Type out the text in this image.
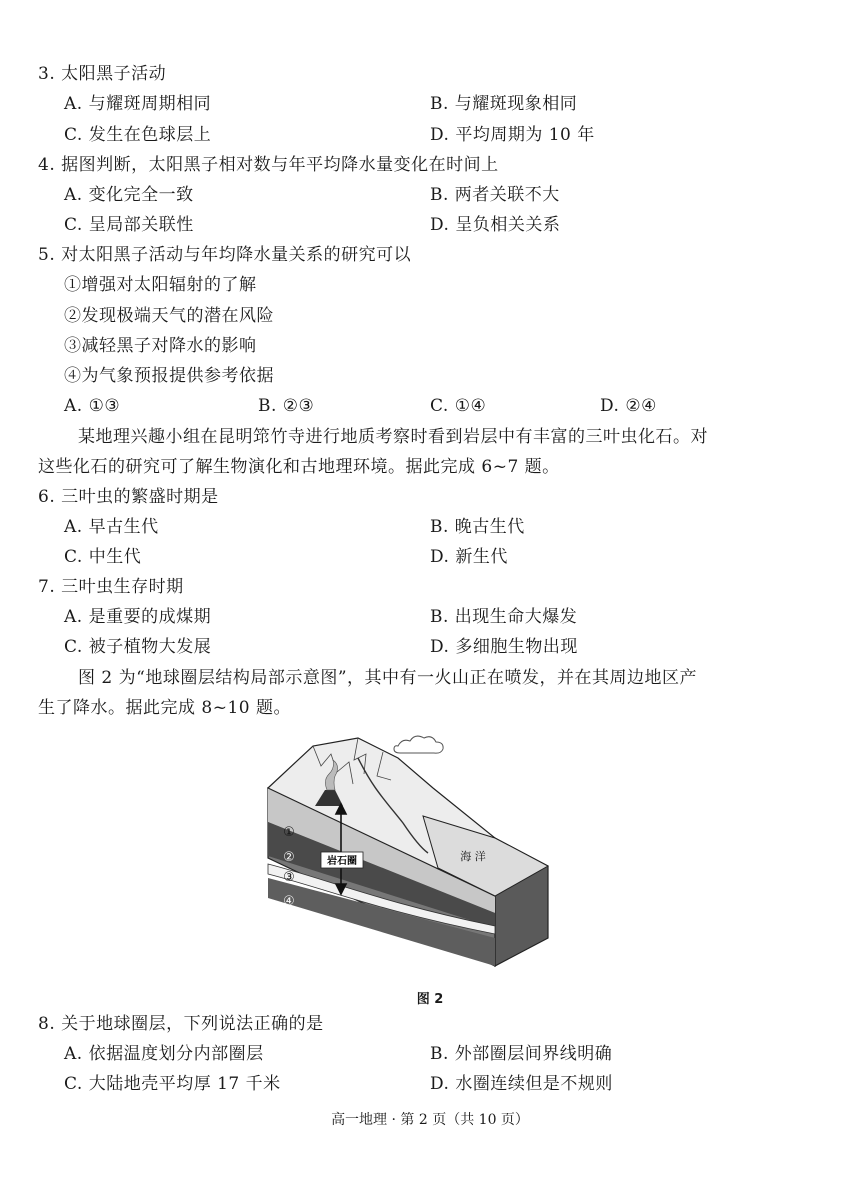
3. 太阳黑子活动
A. 与耀斑周期相同	B. 与耀斑现象相同
C. 发生在色球层上	D. 平均周期为 10 年
4. 据图判断，太阳黑子相对数与年平均降水量变化在时间上
A. 变化完全一致	B. 两者关联不大
C. 呈局部关联性	D. 呈负相关关系
5. 对太阳黑子活动与年均降水量关系的研究可以
①增强对太阳辐射的了解
②发现极端天气的潜在风险
③减轻黑子对降水的影响
④为气象预报提供参考依据
A. ①③	B. ②③	C. ①④	D. ②④
某地理兴趣小组在昆明筇竹寺进行地质考察时看到岩层中有丰富的三叶虫化石。对
这些化石的研究可了解生物演化和古地理环境。据此完成 6~7 题。
6. 三叶虫的繁盛时期是
A. 早古生代	B. 晚古生代
C. 中生代	D. 新生代
7. 三叶虫生存时期
A. 是重要的成煤期	B. 出现生命大爆发
C. 被子植物大发展	D. 多细胞生物出现
图 2 为“地球圈层结构局部示意图”，其中有一火山正在喷发，并在其周边地区产
生了降水。据此完成 8~10 题。
岩石圈
①
②
③
④
海 洋
图 2
8. 关于地球圈层，下列说法正确的是
A. 依据温度划分内部圈层	B. 外部圈层间界线明确
C. 大陆地壳平均厚 17 千米	D. 水圈连续但是不规则
高一地理 · 第 2 页（共 10 页）
